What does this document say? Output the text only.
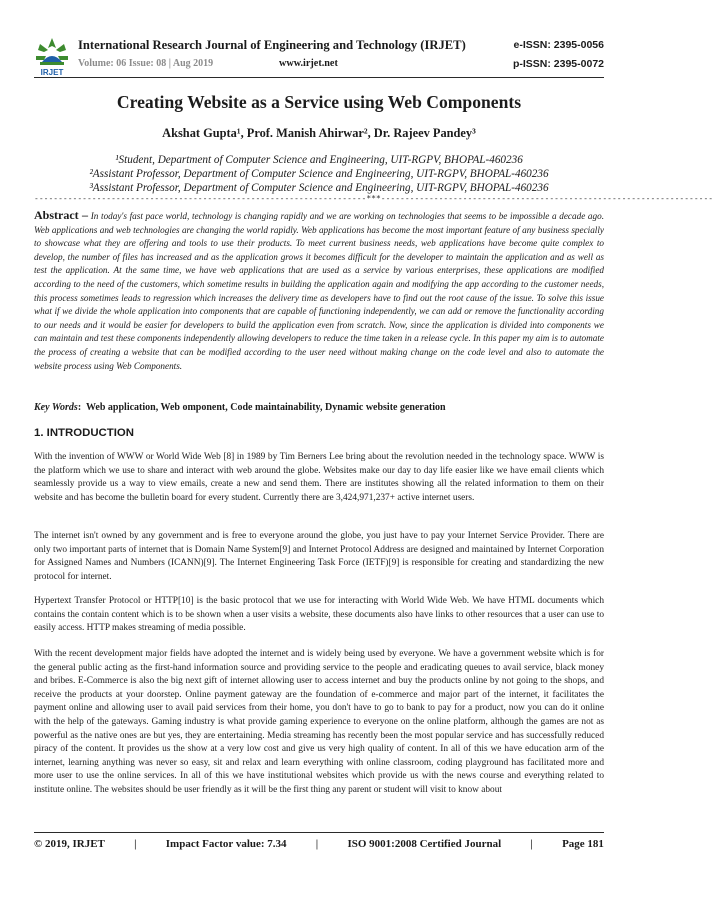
IRJET
International Research Journal of Engineering and Technology (IRJET)	e-ISSN: 2395-0056
Volume: 06 Issue: 08 | Aug 2019	www.irjet.net	p-ISSN: 2395-0072
Creating Website as a Service using Web Components
Akshat Gupta¹, Prof. Manish Ahirwar², Dr. Rajeev Pandey³
¹Student, Department of Computer Science and Engineering, UIT-RGPV, BHOPAL-460236
²Assistant Professor, Department of Computer Science and Engineering, UIT-RGPV, BHOPAL-460236
³Assistant Professor, Department of Computer Science and Engineering, UIT-RGPV, BHOPAL-460236
---------------------------------------------------------------------***---------------------------------------------------------------------

Abstract – In today's fast pace world, technology is changing rapidly and we are working on technologies that seems to be impossible a decade ago. Web applications and web technologies are changing the world rapidly. Web applications has become the most important feature of any business specially to showcase what they are offering and tools to use their products. To meet current business needs, web applications have become quite complex to develop, the number of files has increased and as the application grows it becomes difficult for the developer to maintain the application and as well as test the application. At the same time, we have web applications that are used as a service by various enterprises, these applications are modified according to the need of the customers, which sometime results in building the application again and modifying the app according to the customer needs, this process sometimes leads to regression which increases the delivery time as developers have to find out the root cause of the issue. To solve this issue what if we divide the whole application into components that are capable of functioning independently, we can add or remove the functionality according to our needs and it would be easier for developers to build the application even from scratch. Now, since the application is divided into components we can maintain and test these components independently allowing developers to reduce the time taken in a release cycle. In this paper my aim is to automate the process of creating a website that can be modified according to the user need without making change on the code level and also to automate the website process using Web Components.

Key Words:  Web application, Web omponent, Code maintainability, Dynamic website generation
1. INTRODUCTION

With the invention of WWW or World Wide Web [8] in 1989 by Tim Berners Lee bring about the revolution needed in the technology space. WWW is the platform which we use to share and interact with web around the globe. Websites make our day to day life easier like we have email clients which seamlessly provide us a way to view emails, create a new and send them. There are institutes showing all the related information to them on their website and has become the bulletin board for every student. Currently there are 3,424,971,237+ active internet users.

The internet isn't owned by any government and is free to everyone around the globe, you just have to pay your Internet Service Provider. There are only two important parts of internet that is Domain Name System[9] and Internet Protocol Address are designed and maintained by Internet Corporation for Assigned Names and Numbers (ICANN)[9]. The Internet Engineering Task Force (IETF)[9] is responsible for creating and standardizing the new protocol for internet.

Hypertext Transfer Protocol or HTTP[10] is the basic protocol that we use for interacting with World Wide Web. We have HTML documents which contains the contain content which is to be shown when a user visits a website, these documents also have links to other resources that a user can use to easily access. HTTP makes streaming of media possible.

With the recent development major fields have adopted the internet and is widely being used by everyone. We have a government website which is for the general public acting as the first-hand information source and providing service to the people and eradicating queues to avail service, black money and bribes. E-Commerce is also the big next gift of internet allowing user to access internet and buy the products online by not going to the shops, and receive the products at your doorstep. Online payment gateway are the foundation of e-commerce and major part of the internet, it facilitates the payment online and allowing user to avail paid services from their home, you don't have to go to bank to pay for a product, now you can do it online with the help of the gateways. Gaming industry is what provide gaming experience to everyone on the online platform, although the games are not as powerful as the native ones are but yes, they are entertaining. Media streaming has recently been the most popular service and has successfully reduced piracy of the content. It provides us the show at a very low cost and give us very high quality of content. In all of this we have education arm of the internet, learning anything was never so easy, sit and relax and learn everything with online classroom, coding playground has facilitated more and more user to use the online services. In all of this we have institutional websites which provide us with the news course and everything related to institute online. The websites should be user friendly as it will be the first thing any parent or student will visit to know about

© 2019, IRJET	|	Impact Factor value: 7.34	|	ISO 9001:2008 Certified Journal	|	Page 181
